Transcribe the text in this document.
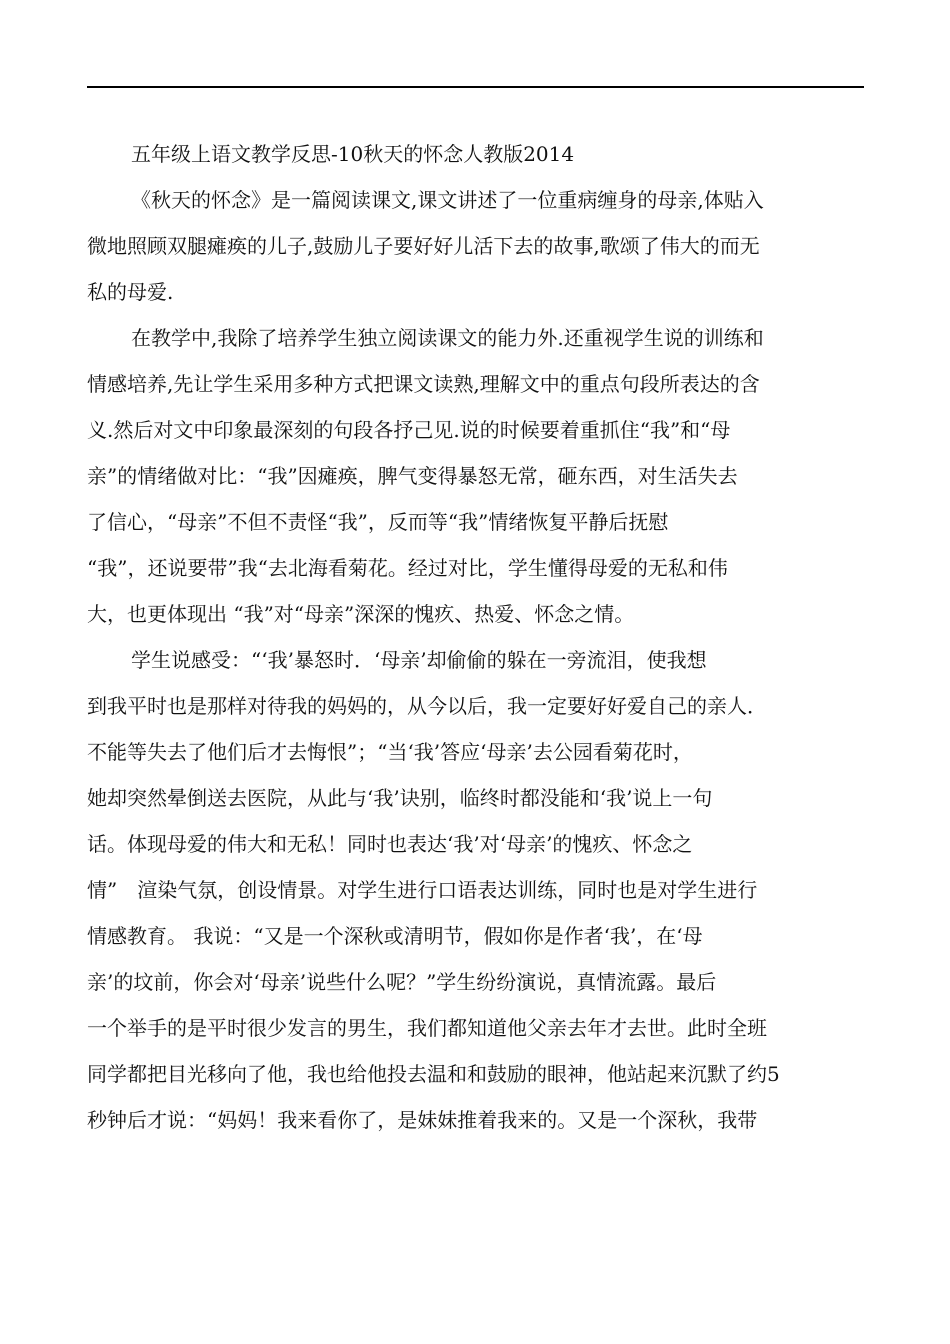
五年级上语文教学反思-10秋天的怀念人教版2014
《秋天的怀念》是一篇阅读课文,课文讲述了一位重病缠身的母亲,体贴入
微地照顾双腿瘫痪的儿子,鼓励儿子要好好儿活下去的故事,歌颂了伟大的而无
私的母爱.
在教学中,我除了培养学生独立阅读课文的能力外.还重视学生说的训练和
情感培养,先让学生采用多种方式把课文读熟,理解文中的重点句段所表达的含
义.然后对文中印象最深刻的句段各抒己见.说的时候要着重抓住“我”和“母
亲”的情绪做对比：“我”因瘫痪，脾气变得暴怒无常，砸东西，对生活失去
了信心，“母亲”不但不责怪“我”，反而等“我”情绪恢复平静后抚慰
“我”，还说要带”我“去北海看菊花。经过对比，学生懂得母爱的无私和伟
大，也更体现出 “我”对“母亲”深深的愧疚、热爱、怀念之情。
学生说感受：“‘我’暴怒时．‘母亲’却偷偷的躲在一旁流泪，使我想
到我平时也是那样对待我的妈妈的，从今以后，我一定要好好爱自己的亲人．
不能等失去了他们后才去悔恨”；“当‘我’答应‘母亲’去公园看菊花时，
她却突然晕倒送去医院，从此与‘我’诀别，临终时都没能和‘我’说上一句
话。体现母爱的伟大和无私！同时也表达‘我’对‘母亲’的愧疚、怀念之
情”　渲染气氛，创设情景。对学生进行口语表达训练，同时也是对学生进行
情感教育。 我说：“又是一个深秋或清明节，假如你是作者‘我’，在‘母
亲’的坟前，你会对‘母亲’说些什么呢？”学生纷纷演说，真情流露。最后
一个举手的是平时很少发言的男生，我们都知道他父亲去年才去世。此时全班
同学都把目光移向了他，我也给他投去温和和鼓励的眼神，他站起来沉默了约5
秒钟后才说：“妈妈！我来看你了，是妹妹推着我来的。又是一个深秋，我带
